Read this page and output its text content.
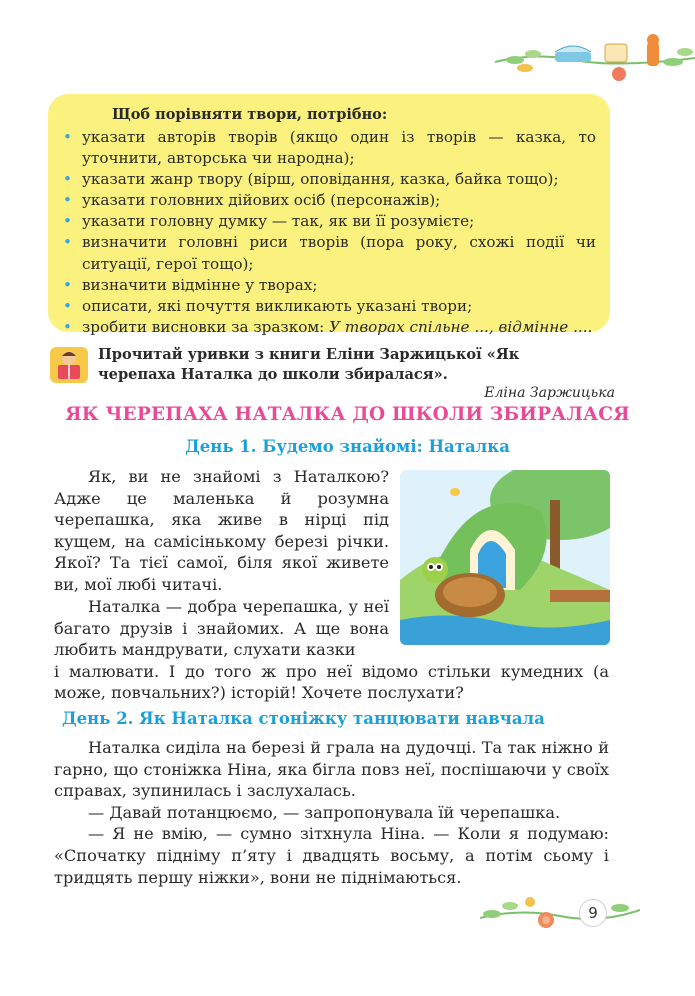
Щоб порівняти твори, потрібно:
• указати авторів творів (якщо один із творів — казка, то уточнити, авторська чи народна);
• указати жанр твору (вірш, оповідання, казка, байка тощо);
• указати головних дійових осіб (персонажів);
• указати головну думку — так, як ви її розумієте;
• визначити головні риси творів (пора року, схожі події чи ситуації, герої тощо);
• визначити відмінне у творах;
• описати, які почуття викликають указані твори;
• зробити висновки за зразком: У творах спільне ..., відмінне ....
Прочитай уривки з книги Еліни Заржицької «Як черепаха Наталка до школи збиралася».
Еліна Заржицька
ЯК ЧЕРЕПАХА НАТАЛКА ДО ШКОЛИ ЗБИРАЛАСЯ
День 1. Будемо знайомі: Наталка

Як, ви не знайомі з Наталкою? Адже це маленька й розумна черепашка, яка живе в нірці під кущем, на самісінькому березі річки. Якої? Та тієї самої, біля якої живете ви, мої любі читачі.

Наталка — добра черепашка, у неї багато друзів і знайомих. А ще вона любить мандрувати, слухати казки
і малювати. І до того ж про неї відомо стільки кумедних (а може, повчальних?) історій! Хочете послухати?
День 2. Як Наталка стоніжку танцювати навчала

Наталка сиділа на березі й грала на дудочці. Та так ніжно й гарно, що стоніжка Ніна, яка бігла повз неї, поспішаючи у своїх справах, зупинилась і заслухалась.

— Давай потанцюємо, — запропонувала їй черепашка.

— Я не вмію, — сумно зітхнула Ніна. — Коли я подумаю: «Спочатку підніму п’яту і двадцять восьму, а потім сьому і тридцять першу ніжки», вони не піднімаються.

9
